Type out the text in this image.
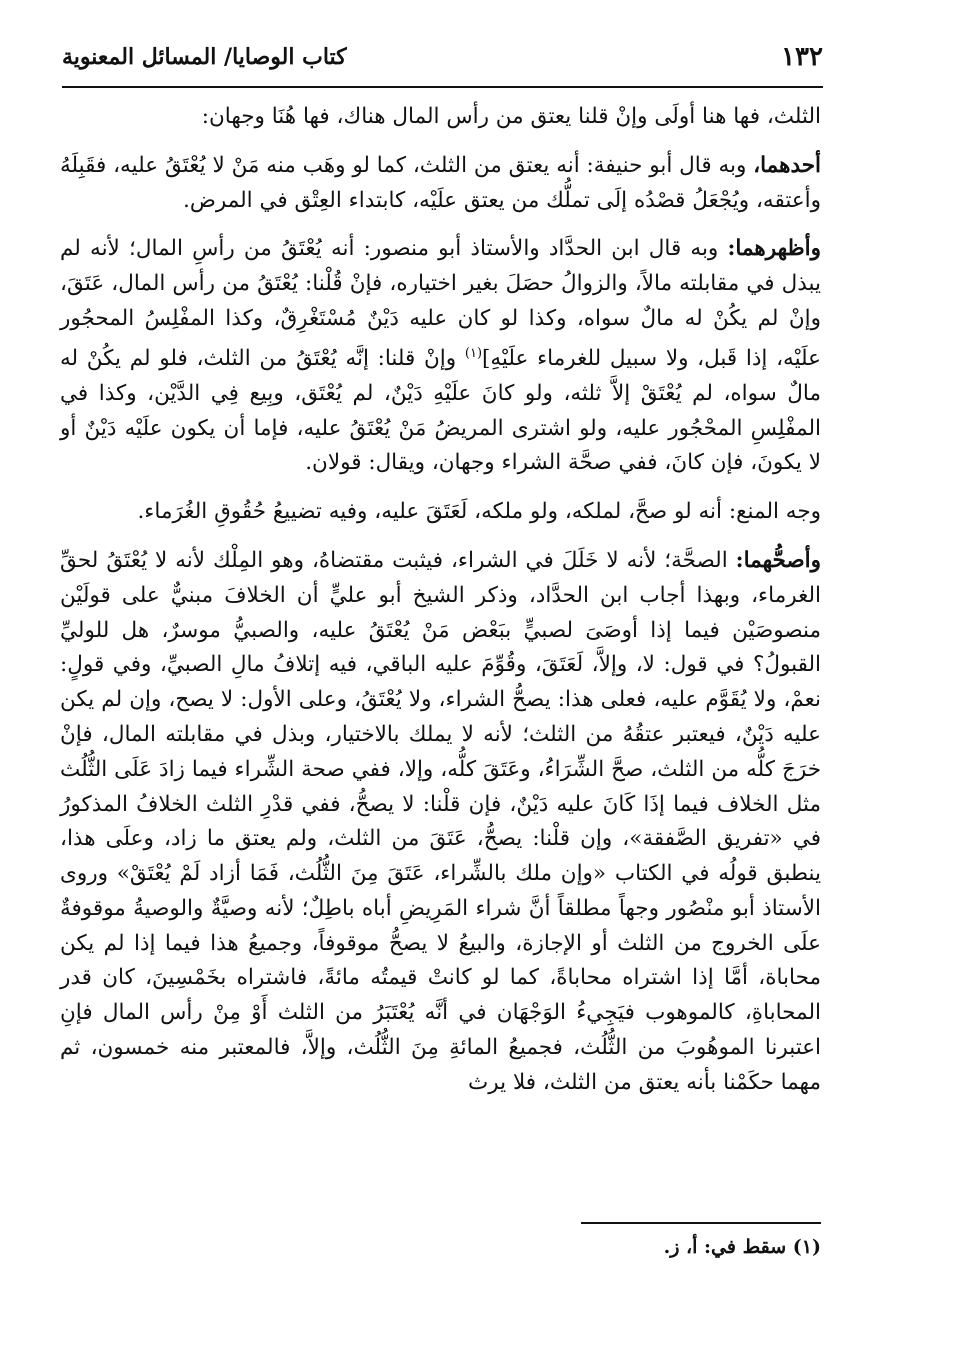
١٣٢
كتاب الوصايا/ المسائل المعنوية

الثلث، فها هنا أولَى وإنْ قلنا يعتق من رأس المال هناك، فها هُنَا وجهان:

أحدهما، وبه قال أبو حنيفة: أنه يعتق من الثلث، كما لو وهَب منه مَنْ لا يُعْتَقُ عليه، فقَبِلَهُ وأعتقه، ويُجْعَلُ قصْدُه إلَى تملُّك من يعتق علَيْه، كابتداء العِتْق في المرض.

وأظهرهما: وبه قال ابن الحدَّاد والأستاذ أبو منصور: أنه يُعْتَقُ من رأسِ المال؛ لأنه لم يبذل في مقابلته مالاً، والزوالُ حصَلَ بغير اختياره، فإنْ قُلْنا: يُعْتَقُ من رأس المال، عَتَقَ، وإنْ لم يكُنْ له مالٌ سواه، وكذا لو كان عليه دَيْنٌ مُسْتَغْرِقٌ، وكذا المفْلِسُ المحجُور علَيْه، إذا قَبل، ولا سبيل للغرماء علَيْهِ]$^{(١)}$ وإنْ قلنا: إنَّه يُعْتَقُ من الثلث، فلو لم يكُنْ له مالٌ سواه، لم يُعْتَقْ إلاَّ ثلثه، ولو كانَ علَيْهِ دَيْنٌ، لم يُعْتَق، وبِيع فِي الدَّيْن، وكذا في المفْلِسِ المحْجُور عليه، ولو اشترى المريضُ مَنْ يُعْتَقُ عليه، فإما أن يكون علَيْه دَيْنٌ أو لا يكونَ، فإن كانَ، ففي صحَّة الشراء وجهان، ويقال: قولان.

وجه المنع: أنه لو صحَّ، لملكه، ولو ملكه، لَعَتَقَ عليه، وفيه تضييعُ حُقُوقِ الغُرَماء.

وأصحُّهما: الصحَّة؛ لأنه لا خَلَلَ في الشراء، فيثبت مقتضاهُ، وهو المِلْك لأنه لا يُعْتَقُ لحقِّ الغرماء، وبهذا أجاب ابن الحدَّاد، وذكر الشيخ أبو عليٍّ أن الخلافَ مبنيٌّ على قولَيْن منصوصَيْن فيما إذا أوصَىَ لصبيٍّ ببَعْض مَنْ يُعْتَقُ عليه، والصبيُّ موسرٌ، هل للوليِّ القبولُ؟ في قول: لا، وإلاَّ، لَعَتَقَ، وقُوِّمَ عليه الباقي، فيه إتلافُ مالِ الصبيِّ، وفي قولٍ: نعمْ، ولا يُقَوَّم عليه، فعلى هذا: يصحُّ الشراء، ولا يُعْتَقُ، وعلى الأول: لا يصح، وإن لم يكن عليه دَيْنٌ، فيعتبر عتقُهُ من الثلث؛ لأنه لا يملك بالاختيار، وبذل في مقابلته المال، فإنْ خرَجَ كلُّه من الثلث، صحَّ الشِّرَاءُ، وعَتَقَ كلُّه، وإلا، ففي صحة الشِّراء فيما زادَ عَلَى الثُّلُث مثل الخلاف فيما إذَا كَانَ عليه دَيْنٌ، فإن قلْنا: لا يصحُّ، ففي قدْرِ الثلث الخلافُ المذكورُ في «تفريق الصَّفقة»، وإن قلْنا: يصحُّ، عَتَقَ من الثلث، ولم يعتق ما زاد، وعلَى هذا، ينطبق قولُه في الكتاب «وإن ملك بالشِّراء، عَتَقَ مِنَ الثُّلُث، فَمَا أزاد لَمْ يُعْتَقْ» وروى الأستاذ أبو منْصُور وجهاً مطلقاً أنَّ شراء المَرِيضِ أباه باطِلٌ؛ لأنه وصيَّةٌ والوصيةُ موقوفةٌ علَى الخروج من الثلث أو الإجازة، والبيعُ لا يصحُّ موقوفاً، وجميعُ هذا فيما إذا لم يكن محاباة، أمَّا إذا اشتراه محاباةً، كما لو كانتْ قيمتُه مائةً، فاشتراه بخَمْسِينَ، كان قدر المحاباةِ، كالموهوب فيَجِيءُ الوَجْهَان في أنَّه يُعْتَبَرُ من الثلث أَوْ مِنْ رأس المال فإنِ اعتبرنا الموهُوبَ من الثُّلُث، فجميعُ المائةِ مِنَ الثُّلُث، وإلاَّ، فالمعتبر منه خمسون، ثم مهما حكَمْنا بأنه يعتق من الثلث، فلا يرث

(١) سقط في: أ، ز.
